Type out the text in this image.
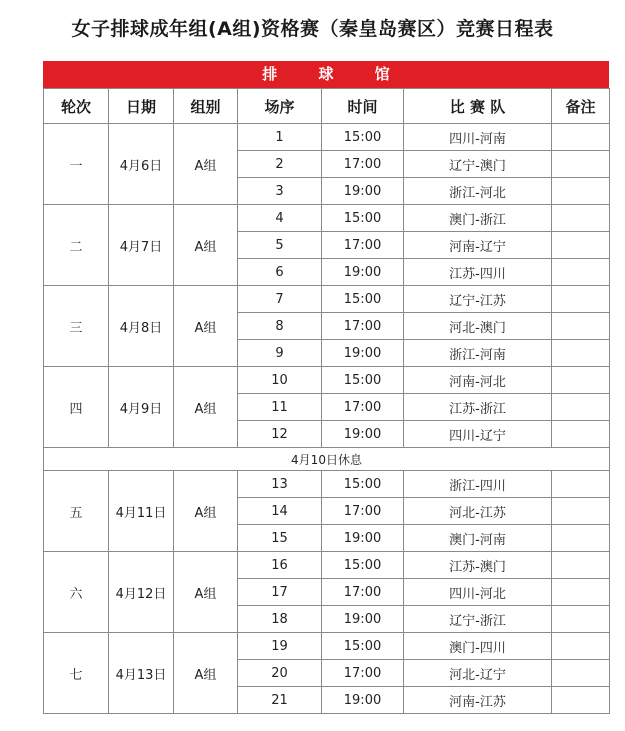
女子排球成年组(A组)资格赛（秦皇岛赛区）竞赛日程表
排 球 馆
轮次	日期	组别	场序	时间	比 赛 队	备注
一	4月6日	A组	1	15:00	四川-河南	
			2	17:00	辽宁-澳门	
			3	19:00	浙江-河北	
二	4月7日	A组	4	15:00	澳门-浙江	
			5	17:00	河南-辽宁	
			6	19:00	江苏-四川	
三	4月8日	A组	7	15:00	辽宁-江苏	
			8	17:00	河北-澳门	
			9	19:00	浙江-河南	
四	4月9日	A组	10	15:00	河南-河北	
			11	17:00	江苏-浙江	
			12	19:00	四川-辽宁	
4月10日休息						
五	4月11日	A组	13	15:00	浙江-四川	
			14	17:00	河北-江苏	
			15	19:00	澳门-河南	
六	4月12日	A组	16	15:00	江苏-澳门	
			17	17:00	四川-河北	
			18	19:00	辽宁-浙江	
七	4月13日	A组	19	15:00	澳门-四川	
			20	17:00	河北-辽宁	
			21	19:00	河南-江苏	
